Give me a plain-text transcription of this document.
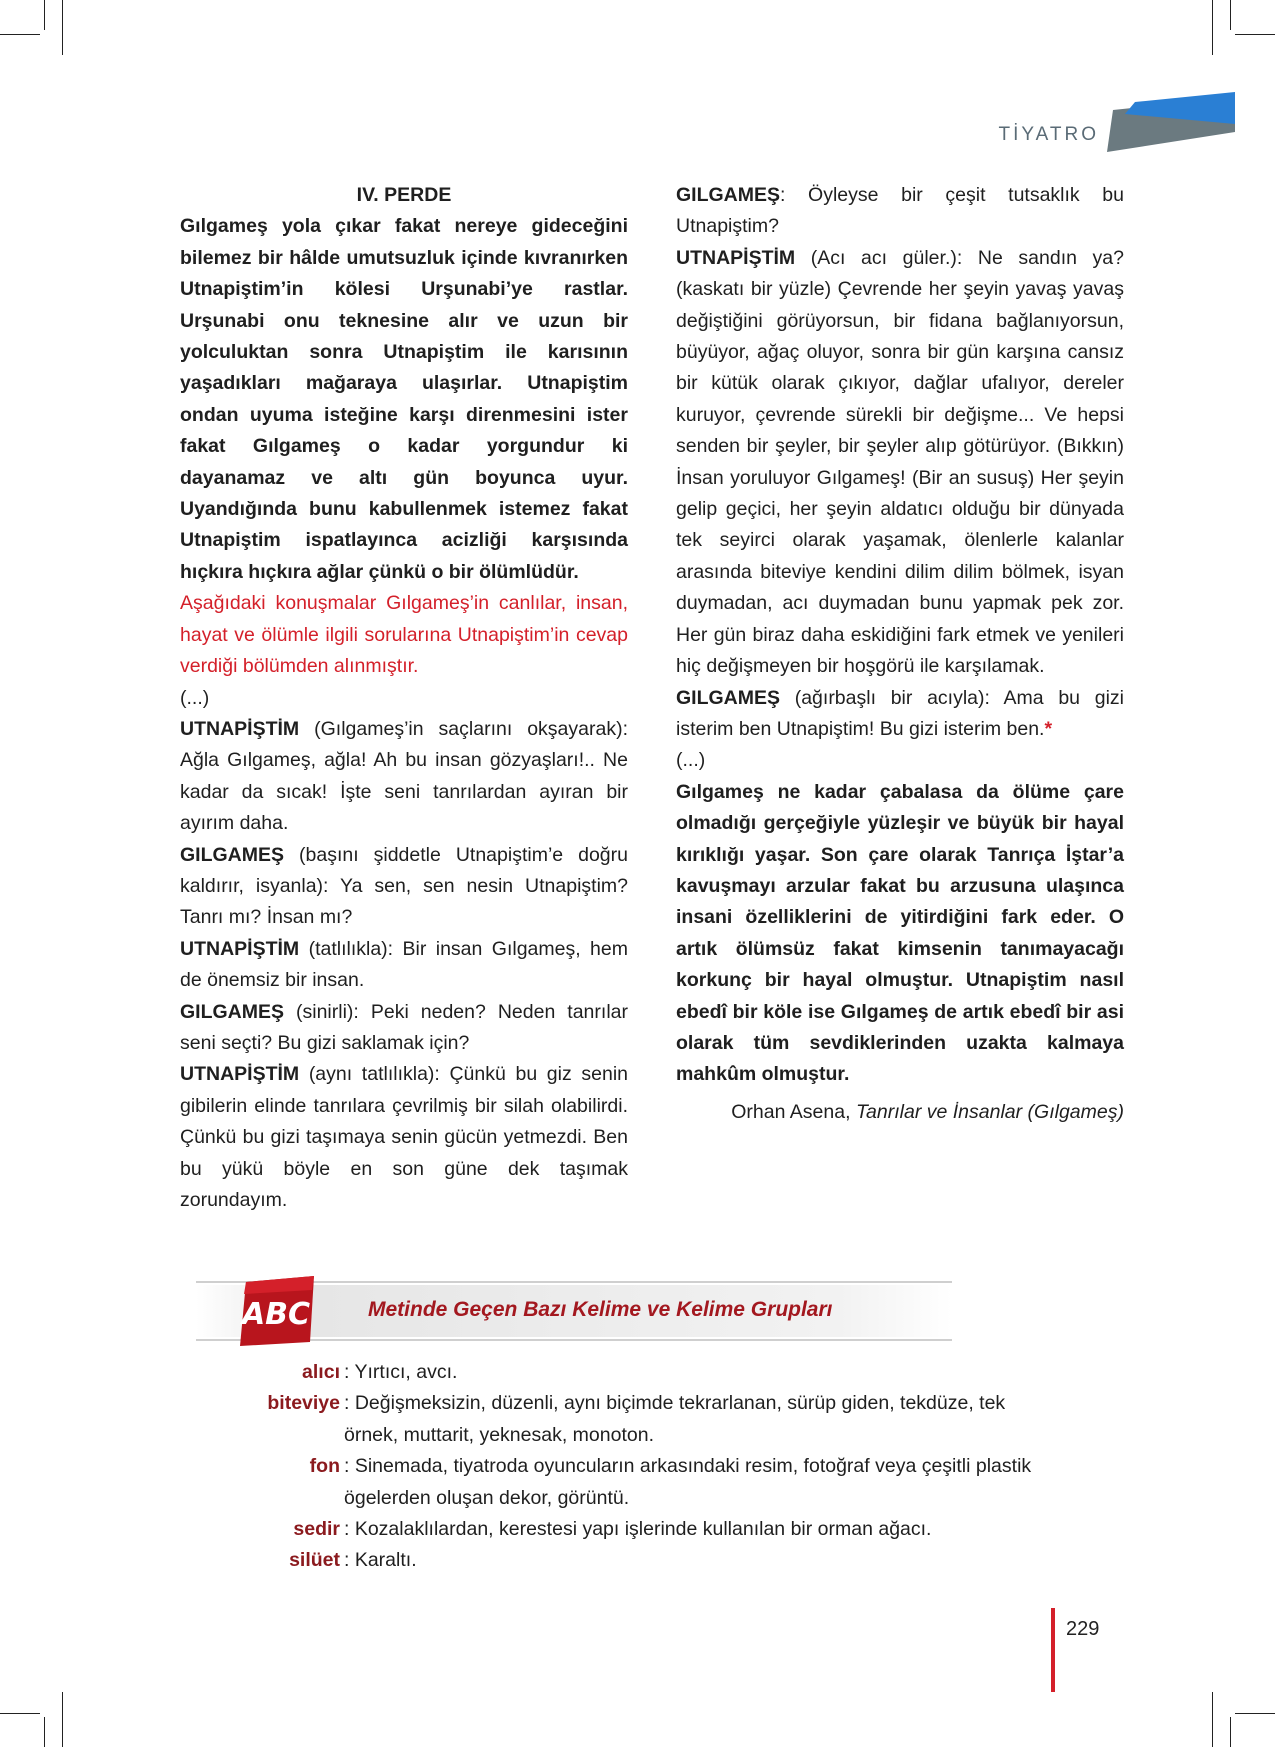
TİYATRO

IV. PERDE

Gılgameş yola çıkar fakat nereye gideceğini bilemez bir hâlde umutsuzluk içinde kıvranırken Utnapiştim’in kölesi Urşunabi’ye rastlar. Urşunabi onu teknesine alır ve uzun bir yolculuktan sonra Utnapiştim ile karısının yaşadıkları mağaraya ulaşırlar. Utnapiştim ondan uyuma isteğine karşı direnmesini ister fakat Gılgameş o kadar yorgundur ki dayanamaz ve altı gün boyunca uyur. Uyandığında bunu kabullenmek istemez fakat Utnapiştim ispatlayınca acizliği karşısında hıçkıra hıçkıra ağlar çünkü o bir ölümlüdür.

Aşağıdaki konuşmalar Gılgameş’in canlılar, insan, hayat ve ölümle ilgili sorularına Utnapiştim’in cevap verdiği bölümden alınmıştır.

(...)

UTNAPİŞTİM (Gılgameş’in saçlarını okşayarak): Ağla Gılgameş, ağla! Ah bu insan gözyaşları!.. Ne kadar da sıcak! İşte seni tanrılardan ayıran bir ayırım daha.

GILGAMEŞ (başını şiddetle Utnapiştim’e doğru kaldırır, isyanla): Ya sen, sen nesin Utnapiştim? Tanrı mı? İnsan mı?

UTNAPİŞTİM (tatlılıkla): Bir insan Gılgameş, hem de önemsiz bir insan.

GILGAMEŞ (sinirli): Peki neden? Neden tanrılar seni seçti? Bu gizi saklamak için?

UTNAPİŞTİM (aynı tatlılıkla): Çünkü bu giz senin gibilerin elinde tanrılara çevrilmiş bir silah olabilirdi. Çünkü bu gizi taşımaya senin gücün yetmezdi. Ben bu yükü böyle en son güne dek taşımak zorundayım.

GILGAMEŞ: Öyleyse bir çeşit tutsaklık bu Utnapiştim?

UTNAPİŞTİM (Acı acı güler.): Ne sandın ya? (kaskatı bir yüzle) Çevrende her şeyin yavaş yavaş değiştiğini görüyorsun, bir fidana bağlanıyorsun, büyüyor, ağaç oluyor, sonra bir gün karşına cansız bir kütük olarak çıkıyor, dağlar ufalıyor, dereler kuruyor, çevrende sürekli bir değişme... Ve hepsi senden bir şeyler, bir şeyler alıp götürüyor. (Bıkkın) İnsan yoruluyor Gılgameş! (Bir an susuş) Her şeyin gelip geçici, her şeyin aldatıcı olduğu bir dünyada tek seyirci olarak yaşamak, ölenlerle kalanlar arasında biteviye kendini dilim dilim bölmek, isyan duymadan, acı duymadan bunu yapmak pek zor. Her gün biraz daha eskidiğini fark etmek ve yenileri hiç değişmeyen bir hoşgörü ile karşılamak.

GILGAMEŞ (ağırbaşlı bir acıyla): Ama bu gizi isterim ben Utnapiştim! Bu gizi isterim ben.*

(...)

Gılgameş ne kadar çabalasa da ölüme çare olmadığı gerçeğiyle yüzleşir ve büyük bir hayal kırıklığı yaşar. Son çare olarak Tanrıça İştar’a kavuşmayı arzular fakat bu arzusuna ulaşınca insani özelliklerini de yitirdiğini fark eder. O artık ölümsüz fakat kimsenin tanımayacağı korkunç bir hayal olmuştur. Utnapiştim nasıl ebedî bir köle ise Gılgameş de artık ebedî bir asi olarak tüm sevdiklerinden uzakta kalmaya mahkûm olmuştur.

Orhan Asena, Tanrılar ve İnsanlar (Gılgameş)

ABC	Metinde Geçen Bazı Kelime ve Kelime Grupları
alıcı : Yırtıcı, avcı.
biteviye : Değişmeksizin, düzenli, aynı biçimde tekrarlanan, sürüp giden, tekdüze, tek örnek, muttarit, yeknesak, monoton.
fon : Sinemada, tiyatroda oyuncuların arkasındaki resim, fotoğraf veya çeşitli plastik ögelerden oluşan dekor, görüntü.
sedir : Kozalaklılardan, kerestesi yapı işlerinde kullanılan bir orman ağacı.
silüet : Karaltı.
229
